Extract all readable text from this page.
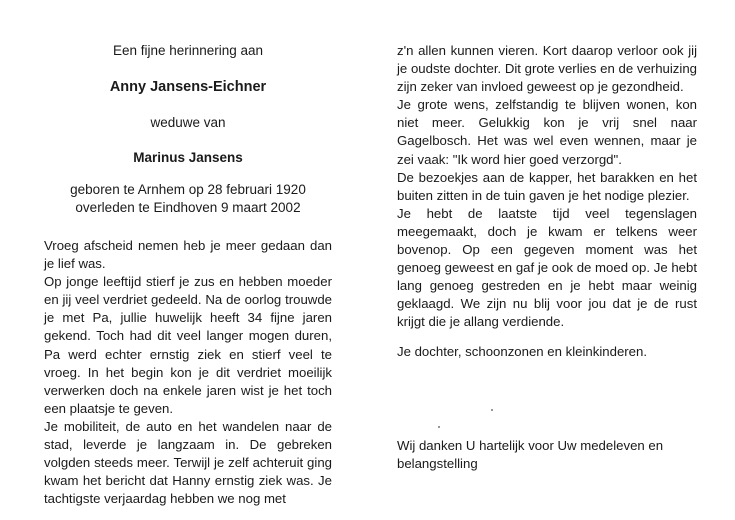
Een fijne herinnering aan

Anny Jansens-Eichner
weduwe van
Marinus Jansens
geboren te Arnhem op 28 februari 1920
overleden te Eindhoven 9 maart 2002

Vroeg afscheid nemen heb je meer gedaan dan je lief was.

Op jonge leeftijd stierf je zus en hebben moeder en jij veel verdriet gedeeld. Na de oorlog trouwde je met Pa, jullie huwelijk heeft 34 fijne jaren gekend. Toch had dit veel langer mogen duren, Pa werd echter ernstig ziek en stierf veel te vroeg. In het begin kon je dit verdriet moeilijk verwerken doch na enkele jaren wist je het toch een plaatsje te geven.

Je mobiliteit, de auto en het wandelen naar de stad, leverde je langzaam in. De gebreken volgden steeds meer. Terwijl je zelf achteruit ging kwam het bericht dat Hanny ernstig ziek was. Je tachtigste verjaardag hebben we nog met

z'n allen kunnen vieren. Kort daarop verloor ook jij je oudste dochter. Dit grote verlies en de verhuizing zijn zeker van invloed geweest op je gezondheid.

Je grote wens, zelfstandig te blijven wonen, kon niet meer. Gelukkig kon je vrij snel naar Gagelbosch. Het was wel even wennen, maar je zei vaak: "Ik word hier goed verzorgd".

De bezoekjes aan de kapper, het barakken en het buiten zitten in de tuin gaven je het nodige plezier.

Je hebt de laatste tijd veel tegenslagen meegemaakt, doch je kwam er telkens weer bovenop. Op een gegeven moment was het genoeg geweest en gaf je ook de moed op. Je hebt lang genoeg gestreden en je hebt maar weinig geklaagd. We zijn nu blij voor jou dat je de rust krijgt die je allang verdiende.

Je dochter, schoonzonen en kleinkinderen.
Wij danken U hartelijk voor Uw medeleven en belangstelling
